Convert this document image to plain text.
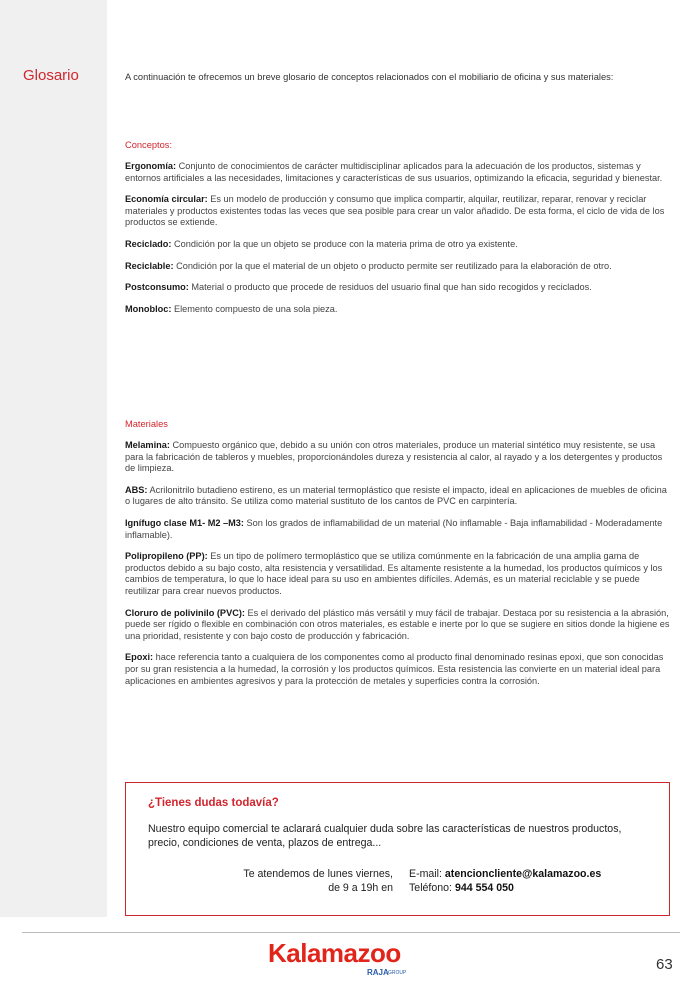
Glosario	A continuación te ofrecemos un breve glosario de conceptos relacionados con el mobiliario de oficina y sus materiales:
Conceptos:
Ergonomía: Conjunto de conocimientos de carácter multidisciplinar aplicados para la adecuación de los productos, sistemas y entornos artificiales a las necesidades, limitaciones y características de sus usuarios, optimizando la eficacia, seguridad y bienestar.
Economía circular: Es un modelo de producción y consumo que implica compartir, alquilar, reutilizar, reparar, renovar y reciclar materiales y productos existentes todas las veces que sea posible para crear un valor añadido. De esta forma, el ciclo de vida de los productos se extiende.
Reciclado: Condición por la que un objeto se produce con la materia prima de otro ya existente.
Reciclable: Condición por la que el material de un objeto o producto permite ser reutilizado para la elaboración de otro.
Postconsumo: Material o producto que procede de residuos del usuario final que han sido recogidos y reciclados.
Monobloc: Elemento compuesto de una sola pieza.
Materiales
Melamina: Compuesto orgánico que, debido a su unión con otros materiales, produce un material sintético muy resistente, se usa para la fabricación de tableros y muebles, proporcionándoles dureza y resistencia al calor, al rayado y a los detergentes y productos de limpieza.
ABS: Acrilonitrilo butadieno estireno, es un material termoplástico que resiste el impacto, ideal en aplicaciones de muebles de oficina o lugares de alto tránsito. Se utiliza como material sustituto de los cantos de PVC en carpintería.
Ignífugo clase M1- M2 –M3: Son los grados de inflamabilidad de un material (No inflamable - Baja inflamabilidad - Moderadamente inflamable).
Polipropileno (PP): Es un tipo de polímero termoplástico que se utiliza comúnmente en la fabricación de una amplia gama de productos debido a su bajo costo, alta resistencia y versatilidad. Es altamente resistente a la humedad, los productos químicos y los cambios de temperatura, lo que lo hace ideal para su uso en ambientes difíciles. Además, es un material reciclable y se puede reutilizar para crear nuevos productos.
Cloruro de polivinilo (PVC): Es el derivado del plástico más versátil y muy fácil de trabajar. Destaca por su resistencia a la abrasión, puede ser rígido o flexible en combinación con otros materiales, es estable e inerte por lo que se sugiere en sitios donde la higiene es una prioridad, resistente y con bajo costo de producción y fabricación.
Epoxi: hace referencia tanto a cualquiera de los componentes como al producto final denominado resinas epoxi, que son conocidas por su gran resistencia a la humedad, la corrosión y los productos químicos. Esta resistencia las convierte en un material ideal para aplicaciones en ambientes agresivos y para la protección de metales y superficies contra la corrosión.
¿Tienes dudas todavía?
Nuestro equipo comercial te aclarará cualquier duda sobre las características de nuestros productos, precio, condiciones de venta, plazos de entrega...
Te atendemos de lunes viernes,
de 9 a 19h en
E-mail: atencioncliente@kalamazoo.es
Teléfono: 944 554 050
Kalamazoo
RAJA GROUP	63
